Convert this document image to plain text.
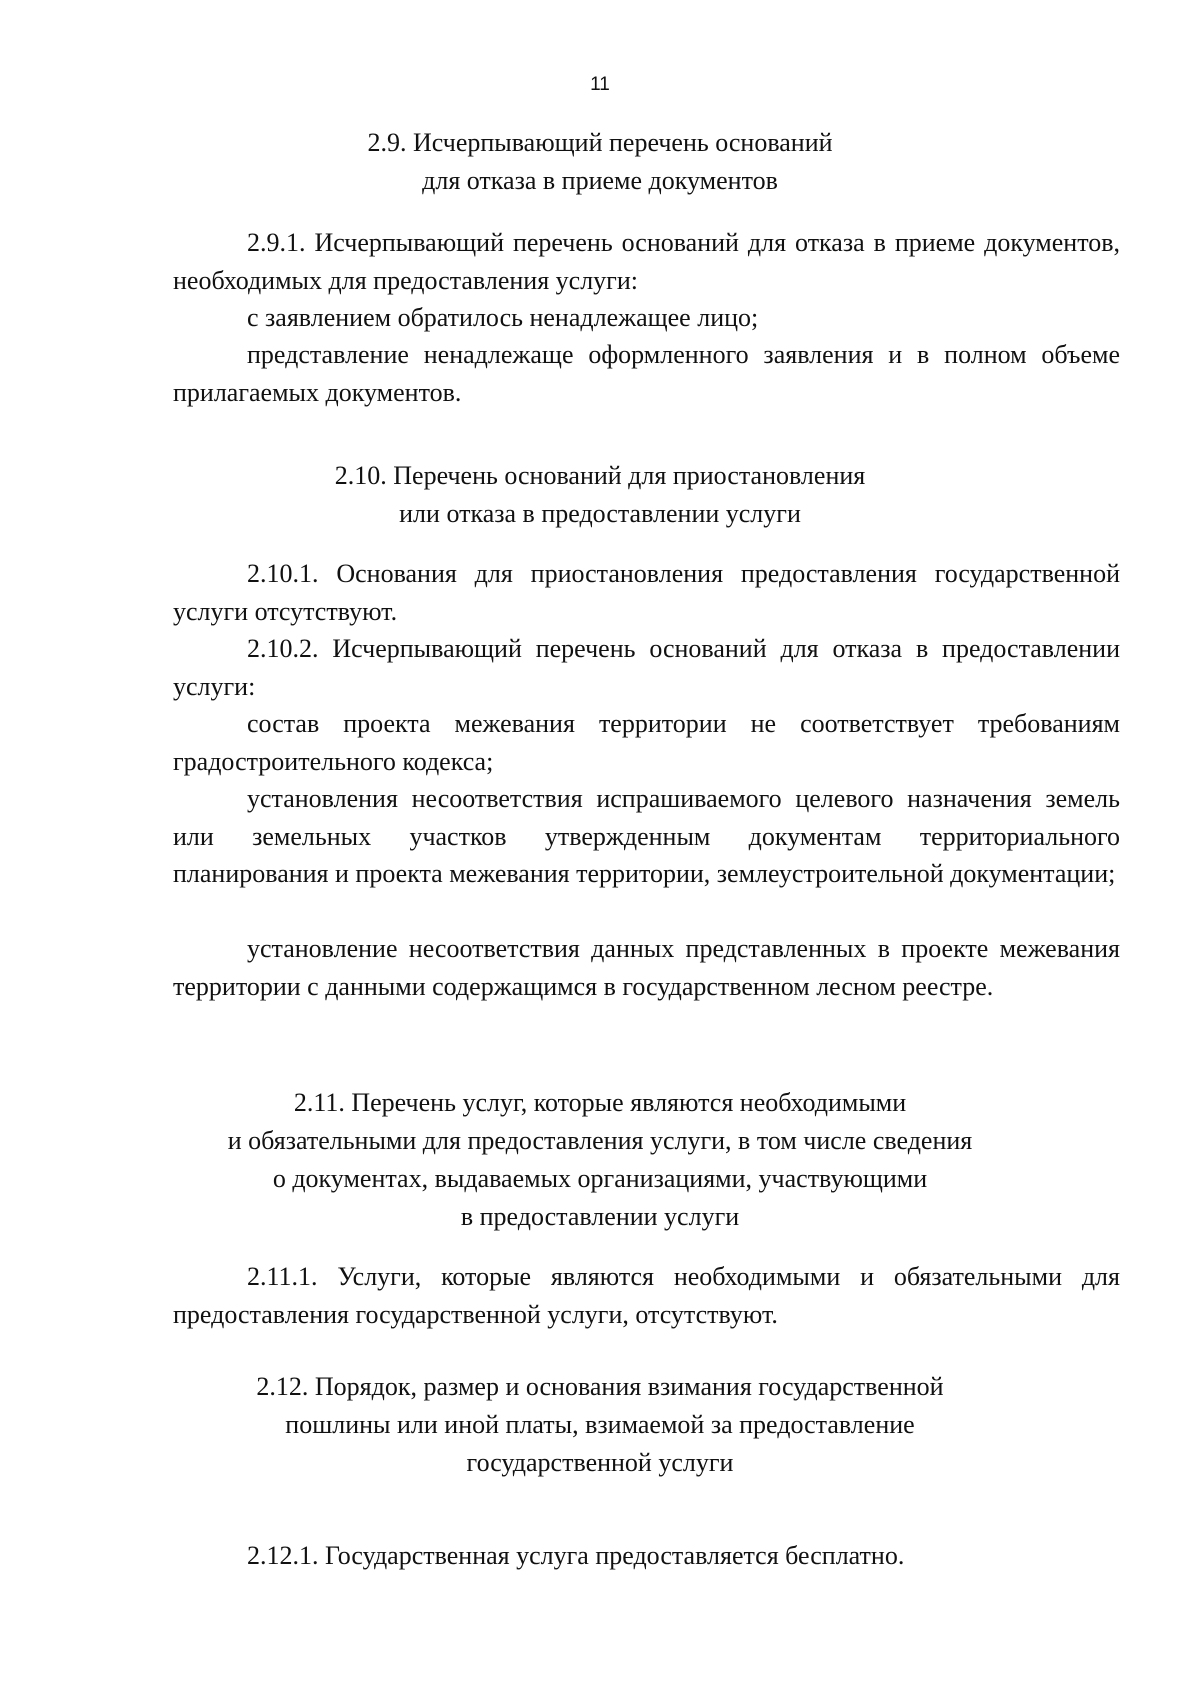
11
2.9. Исчерпывающий перечень оснований
для отказа в приеме документов
2.9.1. Исчерпывающий перечень оснований для отказа в приеме документов, необходимых для предоставления услуги:
с заявлением обратилось ненадлежащее лицо;
представление ненадлежаще оформленного заявления и в полном объеме прилагаемых документов.
2.10. Перечень оснований для приостановления
или отказа в предоставлении услуги
2.10.1. Основания для приостановления предоставления государственной услуги отсутствуют.
2.10.2. Исчерпывающий перечень оснований для отказа в предоставлении услуги:
состав проекта межевания территории не соответствует требованиям градостроительного кодекса;
установления несоответствия испрашиваемого целевого назначения земель или земельных участков утвержденным документам территориального планирования и проекта межевания территории, землеустроительной документации;
установление несоответствия данных представленных в проекте межевания территории с данными содержащимся в государственном лесном реестре.
2.11. Перечень услуг, которые являются необходимыми
и обязательными для предоставления услуги, в том числе сведения
о документах, выдаваемых организациями, участвующими
в предоставлении услуги
2.11.1. Услуги, которые являются необходимыми и обязательными для предоставления государственной услуги, отсутствуют.
2.12. Порядок, размер и основания взимания государственной
пошлины или иной платы, взимаемой за предоставление
государственной услуги
2.12.1. Государственная услуга предоставляется бесплатно.
